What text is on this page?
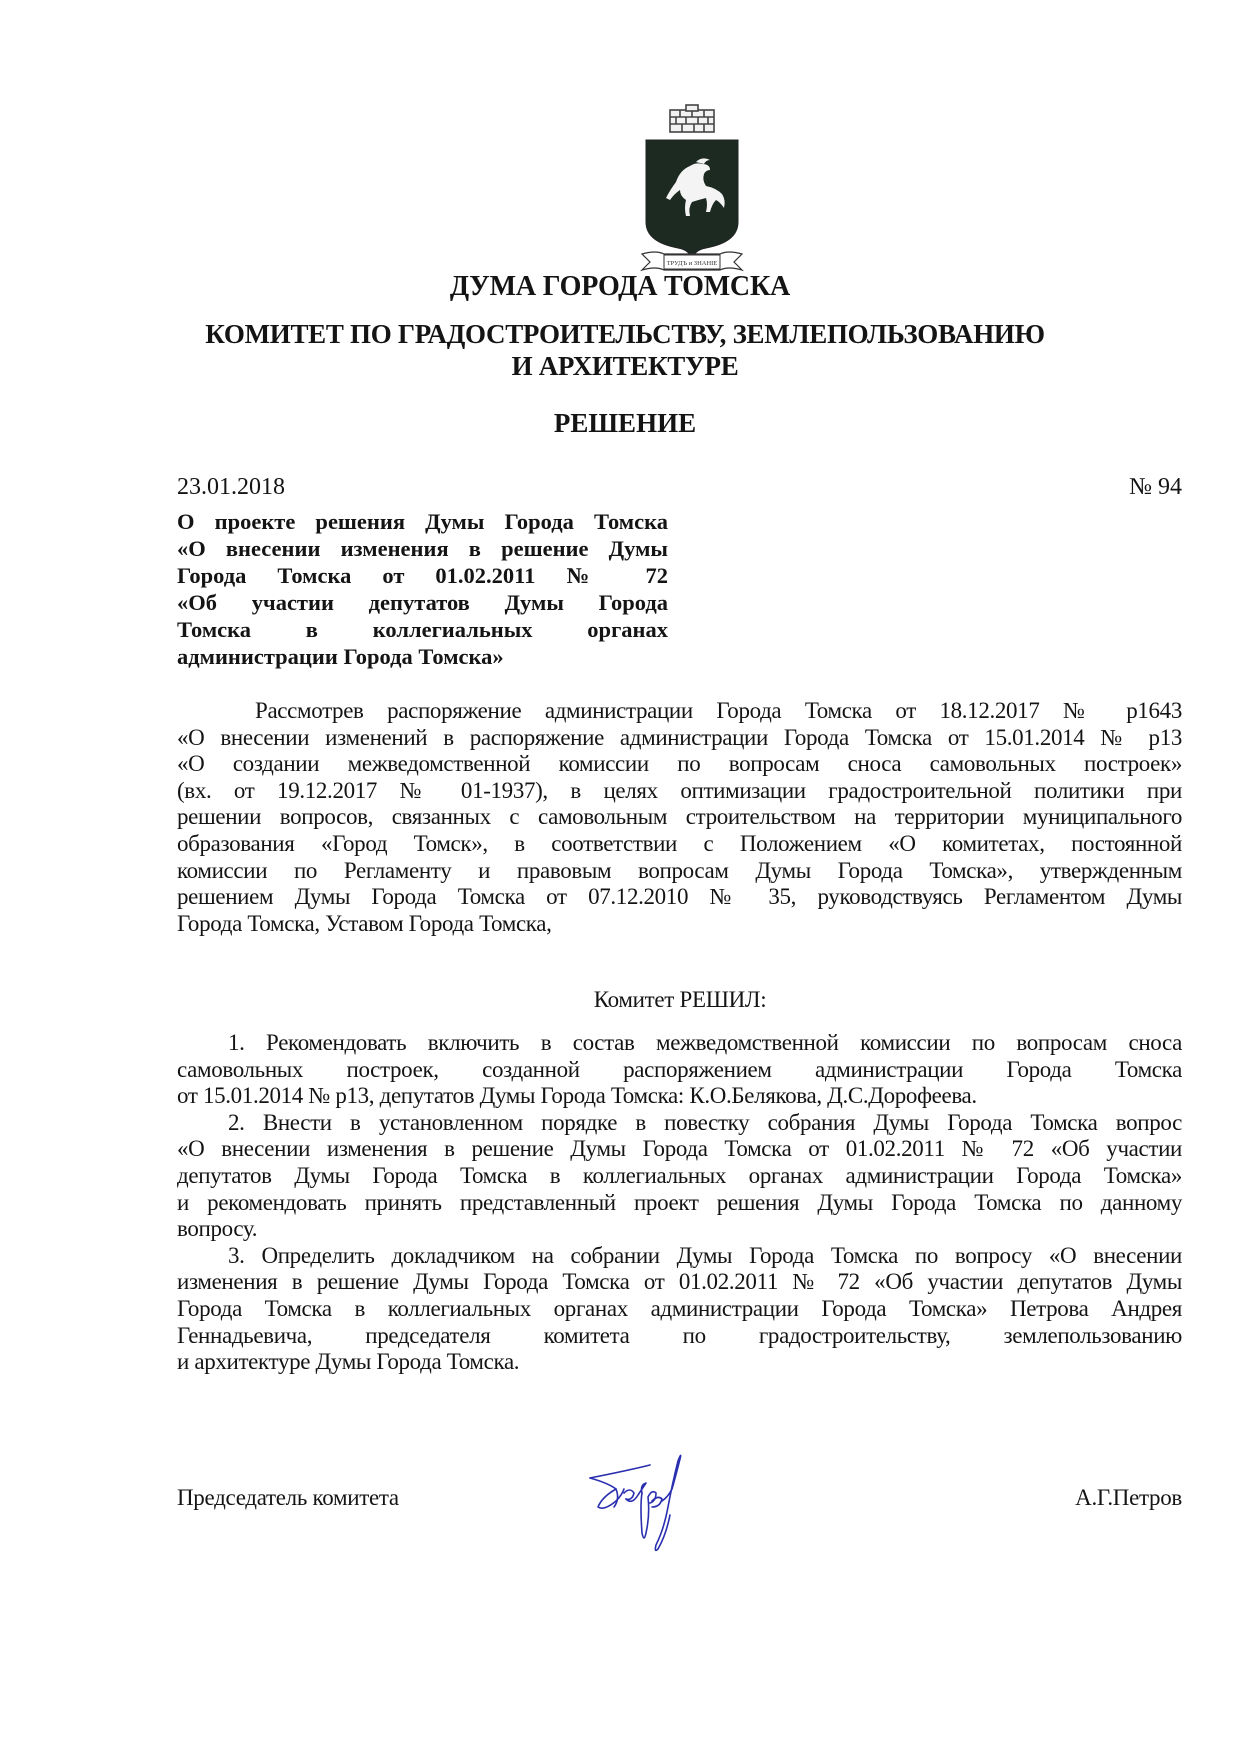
ТРУДЪ и ЗНАНІЕ
ДУМА ГОРОДА ТОМСКА
КОМИТЕТ ПО ГРАДОСТРОИТЕЛЬСТВУ, ЗЕМЛЕПОЛЬЗОВАНИЮ
И АРХИТЕКТУРЕ
РЕШЕНИЕ
23.01.2018	№ 94
О проекте решения Думы Города Томска
«О внесении изменения в решение Думы
Города Томска от 01.02.2011 № 72
«Об участии депутатов Думы Города
Томска в коллегиальных органах
администрации Города Томска»
Рассмотрев распоряжение администрации Города Томска от 18.12.2017 № р1643
«О внесении изменений в распоряжение администрации Города Томска от 15.01.2014 № р13
«О создании межведомственной комиссии по вопросам сноса самовольных построек»
(вх. от 19.12.2017 № 01-1937), в целях оптимизации градостроительной политики при
решении вопросов, связанных с самовольным строительством на территории муниципального
образования «Город Томск», в соответствии с Положением «О комитетах, постоянной
комиссии по Регламенту и правовым вопросам Думы Города Томска», утвержденным
решением Думы Города Томска от 07.12.2010 № 35, руководствуясь Регламентом Думы
Города Томска, Уставом Города Томска,
Комитет РЕШИЛ:
1. Рекомендовать включить в состав межведомственной комиссии по вопросам сноса
самовольных построек, созданной распоряжением администрации Города Томска
от 15.01.2014 № р13, депутатов Думы Города Томска: К.О.Белякова, Д.С.Дорофеева.
2. Внести в установленном порядке в повестку собрания Думы Города Томска вопрос
«О внесении изменения в решение Думы Города Томска от 01.02.2011 № 72 «Об участии
депутатов Думы Города Томска в коллегиальных органах администрации Города Томска»
и рекомендовать принять представленный проект решения Думы Города Томска по данному
вопросу.
3. Определить докладчиком на собрании Думы Города Томска по вопросу «О внесении
изменения в решение Думы Города Томска от 01.02.2011 № 72 «Об участии депутатов Думы
Города Томска в коллегиальных органах администрации Города Томска» Петрова Андрея
Геннадьевича, председателя комитета по градостроительству, землепользованию
и архитектуре Думы Города Томска.
Председатель комитета	А.Г.Петров
